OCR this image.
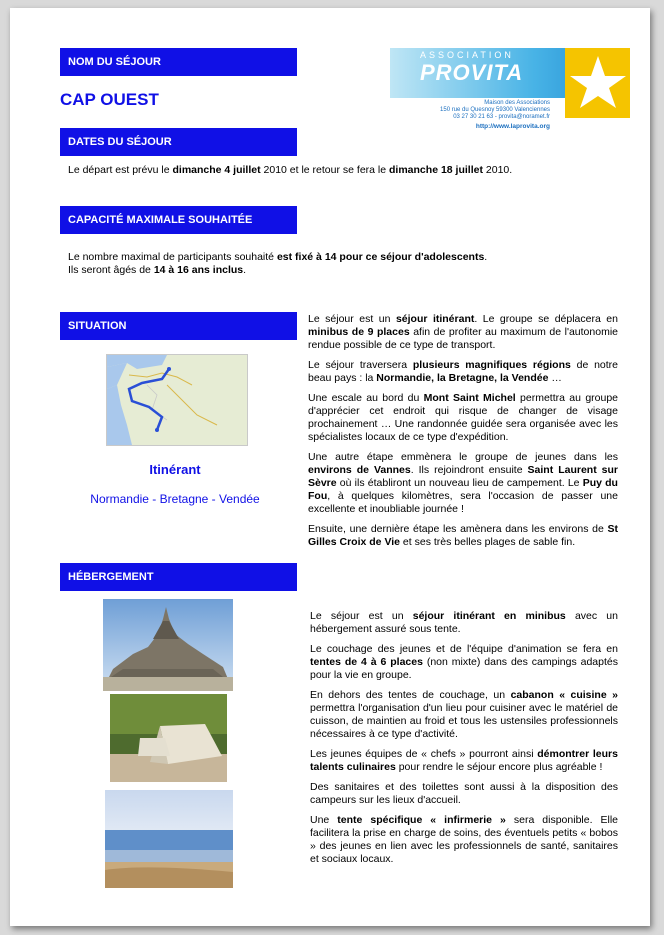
NOM DU SÉJOUR
CAP OUEST
ASSOCIATION
PROVITA
Maison des Associations
150 rue du Quesnoy 59300 Valenciennes
03 27 30 21 63 - provita@noramet.fr
http://www.laprovita.org
DATES DU SÉJOUR
Le départ est prévu le dimanche 4 juillet 2010 et le retour se fera le dimanche 18 juillet 2010.
CAPACITÉ MAXIMALE SOUHAITÉE
Le nombre maximal de participants souhaité est fixé à 14 pour ce séjour d'adolescents.
Ils seront âgés de 14 à 16 ans inclus.
SITUATION
Itinérant
Normandie - Bretagne - Vendée

Le séjour est un séjour itinérant. Le groupe se déplacera en minibus de 9 places afin de profiter au maximum de l'autonomie rendue possible de ce type de transport.

Le séjour traversera plusieurs magnifiques régions de notre beau pays : la Normandie, la Bretagne, la Vendée …

Une escale au bord du Mont Saint Michel permettra au groupe d'apprécier cet endroit qui risque de changer de visage prochainement … Une randonnée guidée sera organisée avec les spécialistes locaux de ce type d'expédition.

Une autre étape emmènera le groupe de jeunes dans les environs de Vannes. Ils rejoindront ensuite Saint Laurent sur Sèvre où ils établiront un nouveau lieu de campement. Le Puy du Fou, à quelques kilomètres, sera l'occasion de passer une excellente et inoubliable journée !

Ensuite, une dernière étape les amènera dans les environs de St Gilles Croix de Vie et ses très belles plages de sable fin.

HÉBERGEMENT

Le séjour est un séjour itinérant en minibus avec un hébergement assuré sous tente.

Le couchage des jeunes et de l'équipe d'animation se fera en tentes de 4 à 6 places (non mixte) dans des campings adaptés pour la vie en groupe.

En dehors des tentes de couchage, un cabanon « cuisine » permettra l'organisation d'un lieu pour cuisiner avec le matériel de cuisson, de maintien au froid et tous les ustensiles professionnels nécessaires à ce type d'activité.

Les jeunes équipes de « chefs » pourront ainsi démontrer leurs talents culinaires pour rendre le séjour encore plus agréable !

Des sanitaires et des toilettes sont aussi à la disposition des campeurs sur les lieux d'accueil.

Une tente spécifique « infirmerie » sera disponible. Elle facilitera la prise en charge de soins, des éventuels petits « bobos » des jeunes en lien avec les professionnels de santé, sanitaires et sociaux locaux.
